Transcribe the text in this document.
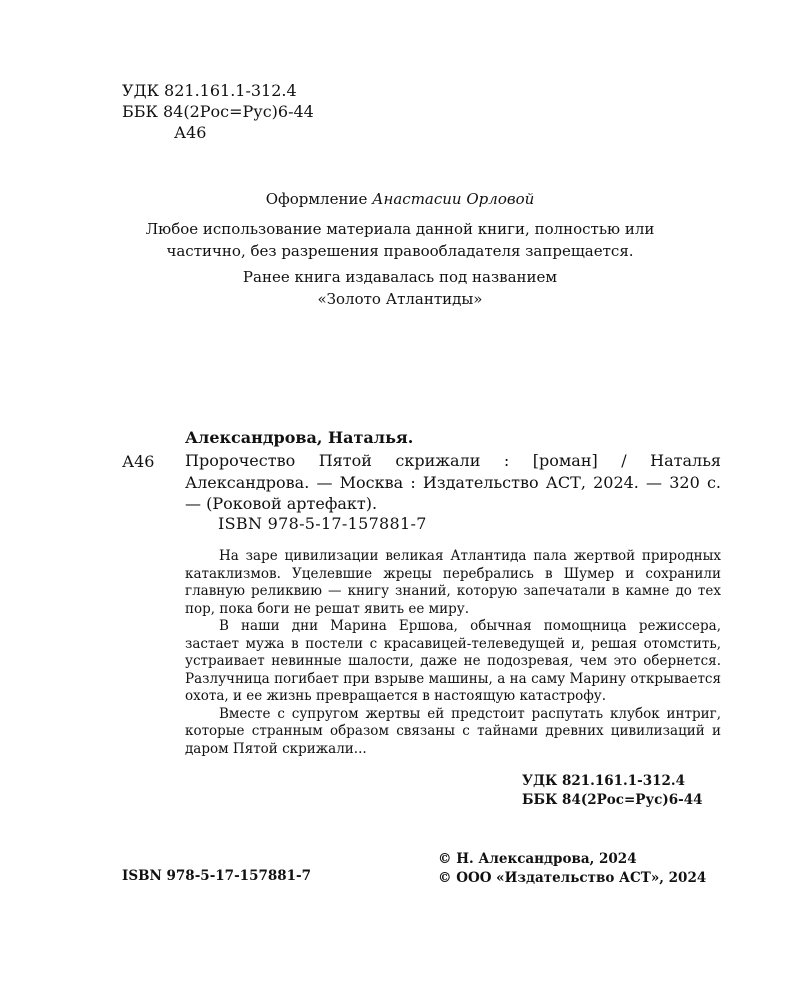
УДК 821.161.1-312.4
ББК 84(2Рос=Рус)6-44
А46
Оформление Анастасии Орловой
Любое использование материала данной книги, полностью или
частично, без разрешения правообладателя запрещается.
Ранее книга издавалась под названием
«Золото Атлантиды»
Александрова, Наталья.
А46 Пророчество Пятой скрижали : [роман] / Наталья Александрова. — Москва : Издательство АСТ, 2024. — 320 с. — (Роковой артефакт).
ISBN 978-5-17-157881-7

На заре цивилизации великая Атлантида пала жертвой природных катаклизмов. Уцелевшие жрецы перебрались в Шумер и сохранили главную реликвию — книгу знаний, которую запечатали в камне до тех пор, пока боги не решат явить ее миру.

В наши дни Марина Ершова, обычная помощница режиссера, застает мужа в постели с красавицей-телеведущей и, решая отомстить, устраивает невинные шалости, даже не подозревая, чем это обернется. Разлучница погибает при взрыве машины, а на саму Марину открывается охота, и ее жизнь превращается в настоящую катастрофу.

Вместе с супругом жертвы ей предстоит распутать клубок интриг, которые странным образом связаны с тайнами древних цивилизаций и даром Пятой скрижали...

УДК 821.161.1-312.4
ББК 84(2Рос=Рус)6-44
ISBN 978-5-17-157881-7
© Н. Александрова, 2024
© ООО «Издательство АСТ», 2024
